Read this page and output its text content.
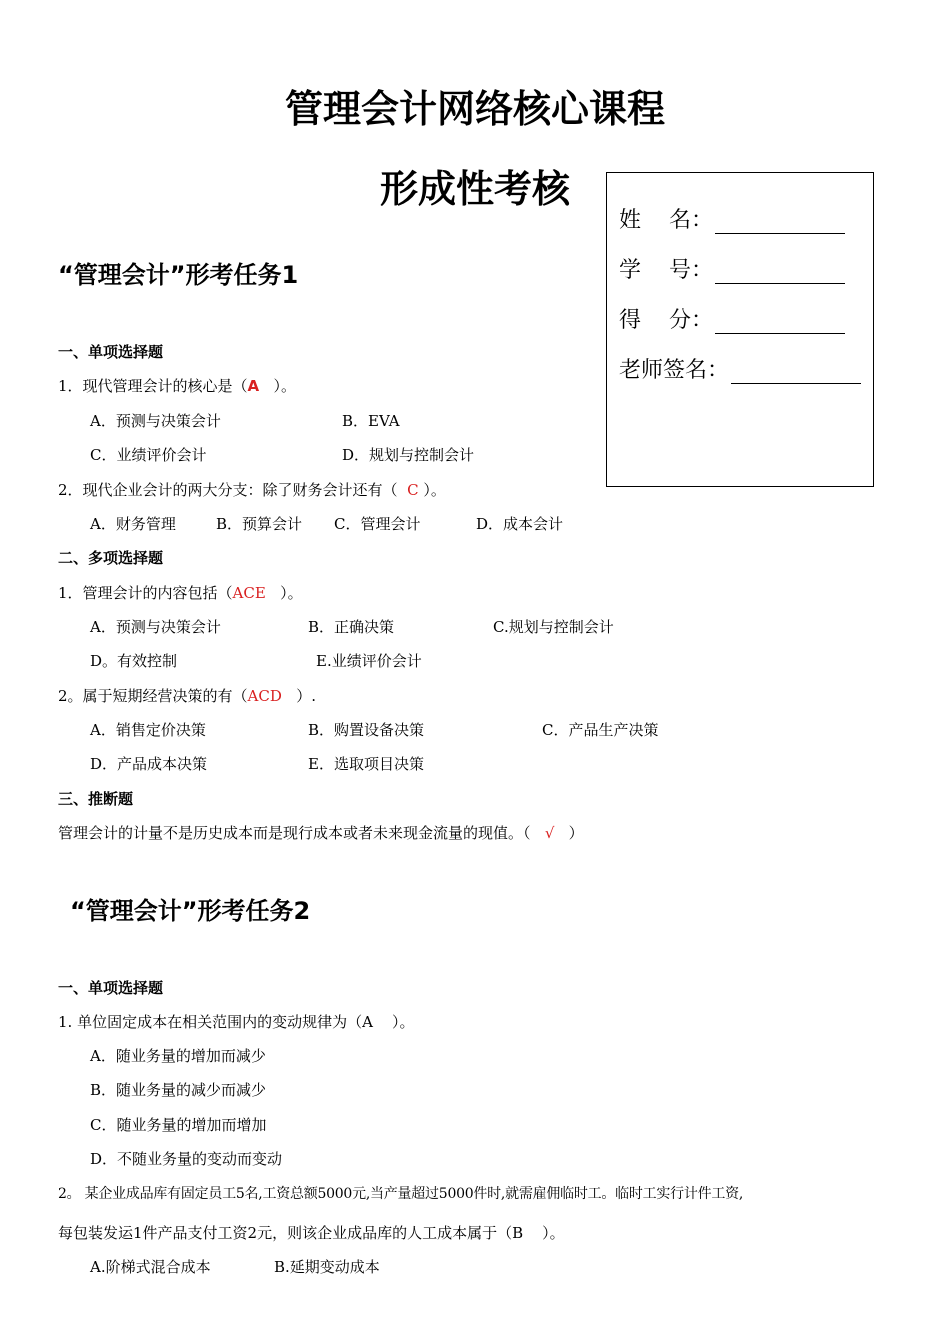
管理会计网络核心课程
形成性考核
姓    名：
学    号：
得    分：
老师签名：
“管理会计”形考任务1
一、单项选择题
1．现代管理会计的核心是（A   ）。
A．预测与决策会计	B．EVA
C．业绩评价会计	D．规划与控制会计
2．现代企业会计的两大分支：除了财务会计还有（  C ）。
A．财务管理	B．预算会计 C．管理会计	D．成本会计
二、多项选择题
1．管理会计的内容包括（ACE   ）。
A．预测与决策会计	B．正确决策	C.规划与控制会计
D。有效控制	E.业绩评价会计
2。属于短期经营决策的有（ACD   ）.
A．销售定价决策	B．购置设备决策	C．产品生产决策
D．产品成本决策	E．选取项目决策
三、推断题
管理会计的计量不是历史成本而是现行成本或者未来现金流量的现值。（   √   ）
“管理会计”形考任务2
一、单项选择题
1. 单位固定成本在相关范围内的变动规律为（A    ）。
A．随业务量的增加而减少
B．随业务量的减少而减少
C．随业务量的增加而增加
D．不随业务量的变动而变动
2。 某企业成品库有固定员工5名,工资总额5000元,当产量超过5000件时,就需雇佣临时工。临时工实行计件工资,
每包装发运1件产品支付工资2元，则该企业成品库的人工成本属于（B    ）。
A.阶梯式混合成本	B.延期变动成本
